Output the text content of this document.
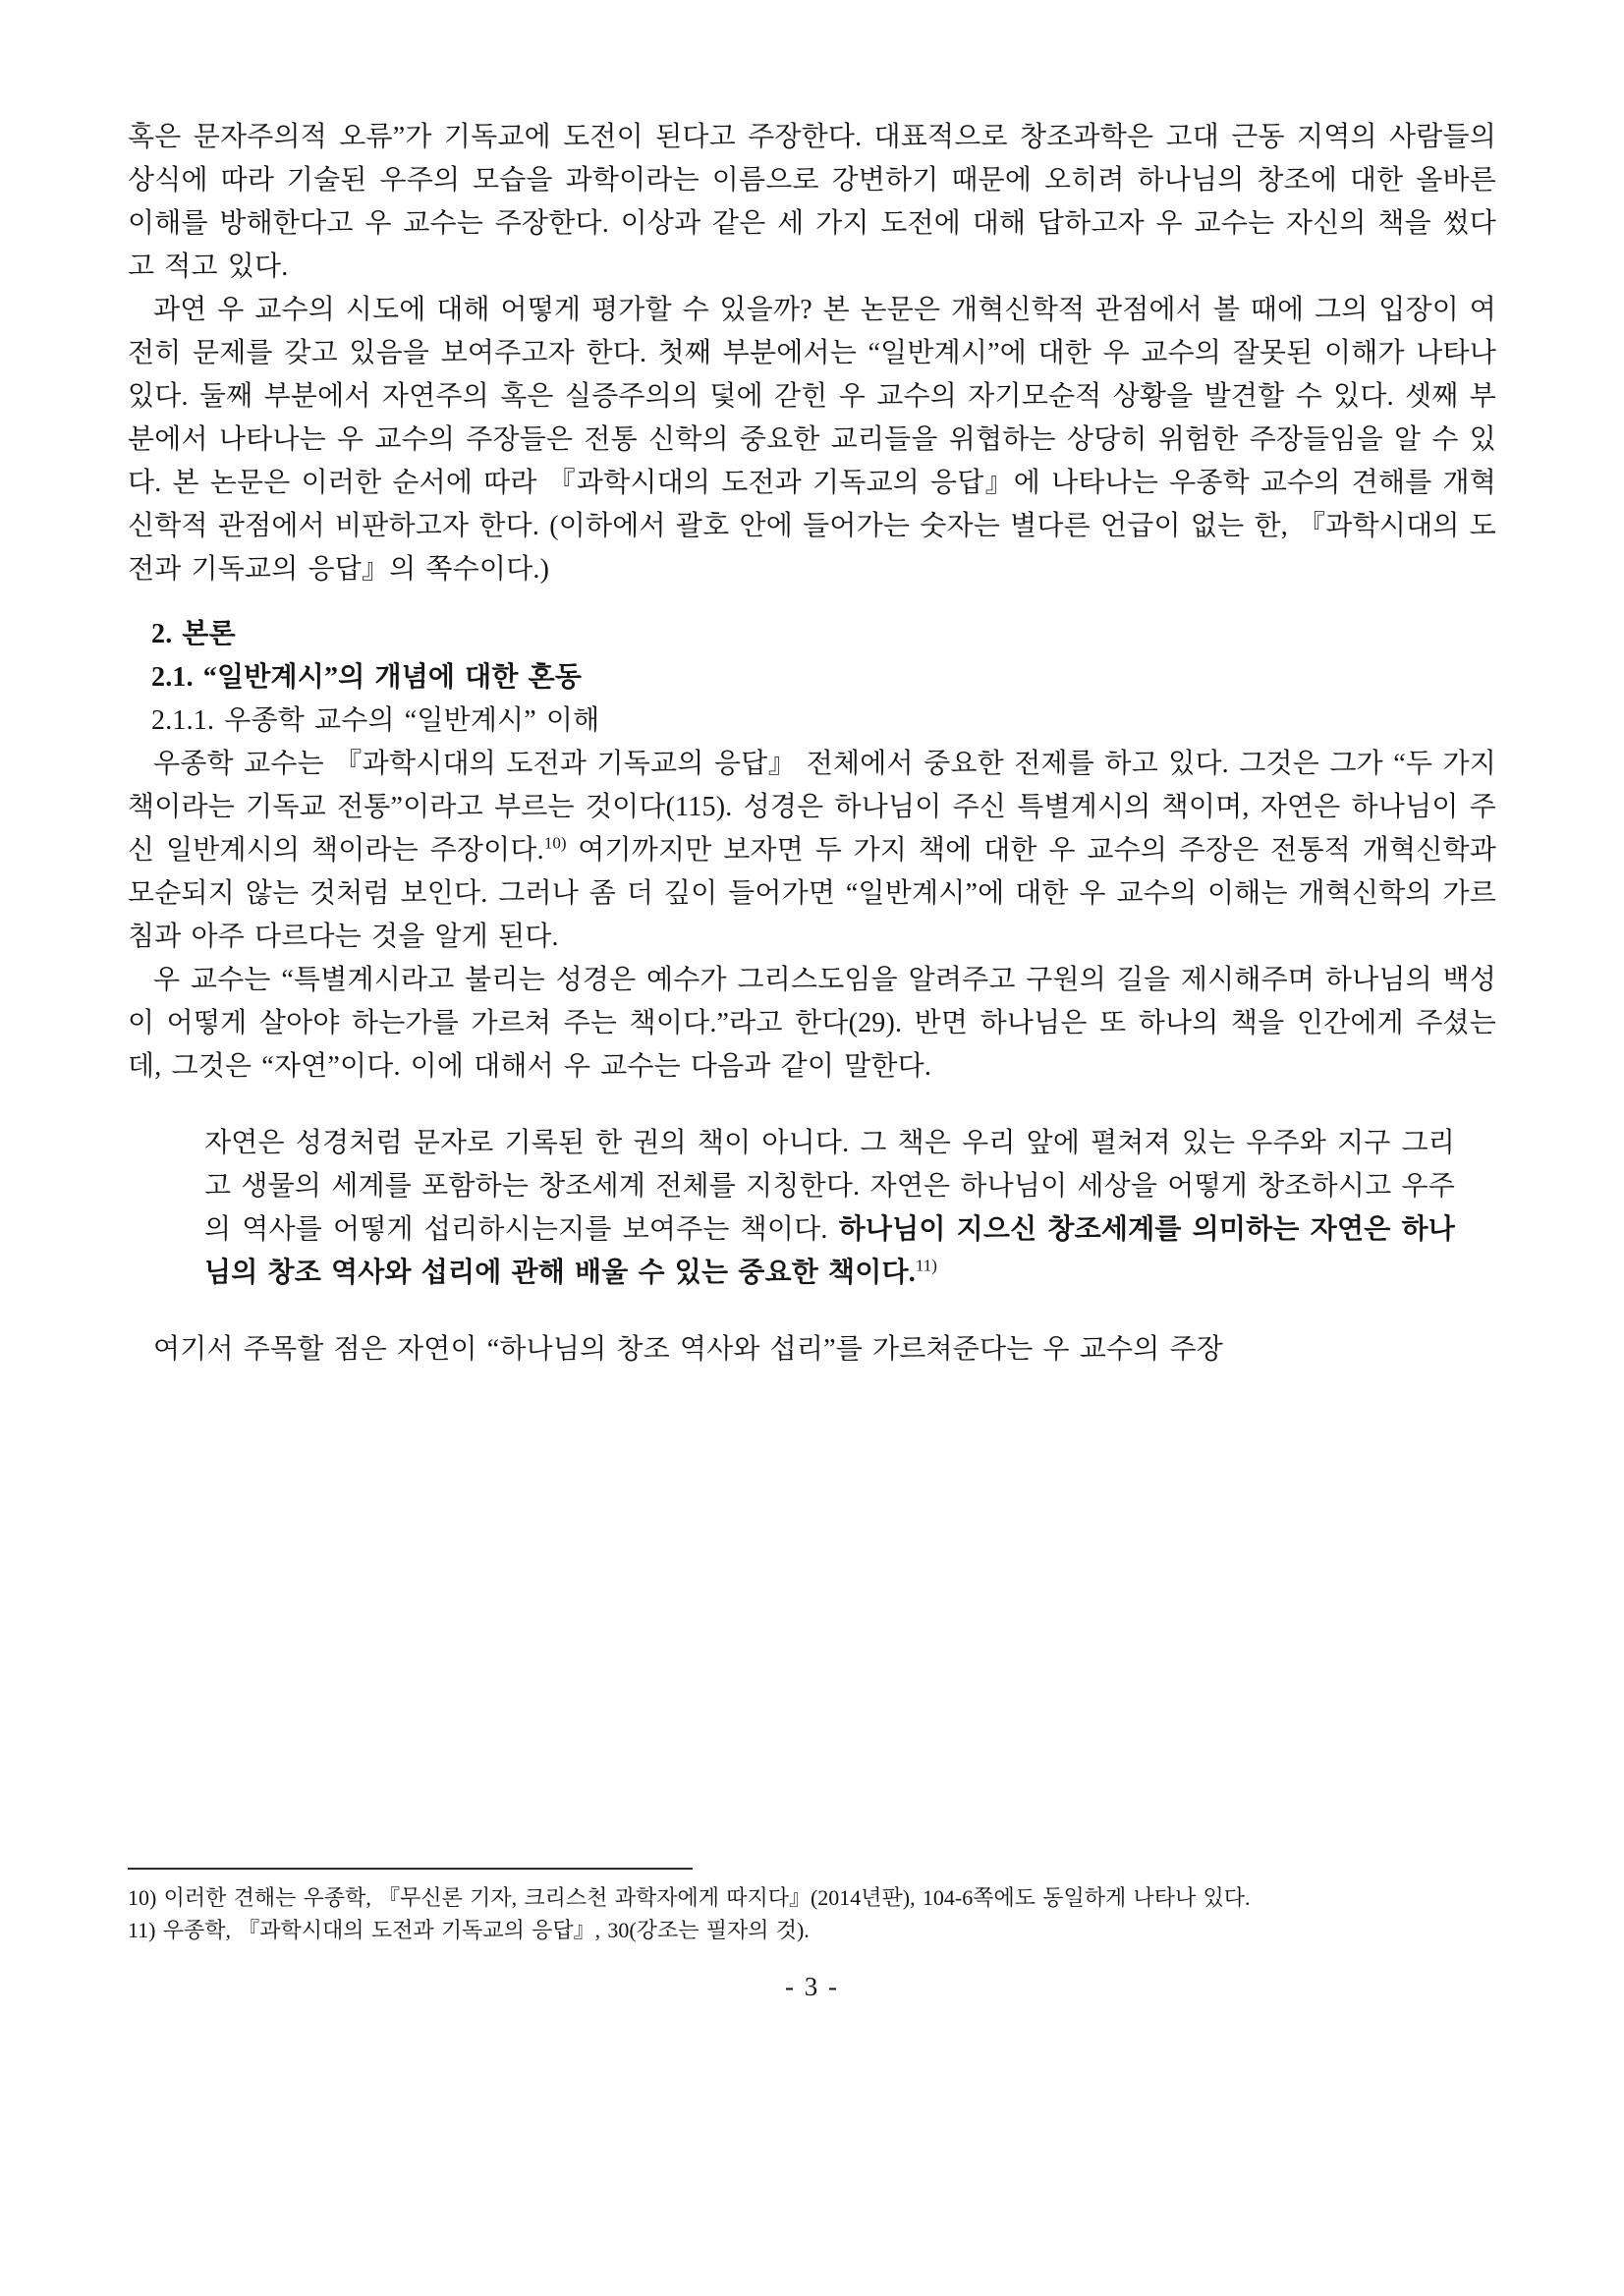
혹은 문자주의적 오류”가 기독교에 도전이 된다고 주장한다. 대표적으로 창조과학은 고대 근동 지역의 사람들의 상식에 따라 기술된 우주의 모습을 과학이라는 이름으로 강변하기 때문에 오히려 하나님의 창조에 대한 올바른 이해를 방해한다고 우 교수는 주장한다. 이상과 같은 세 가지 도전에 대해 답하고자 우 교수는 자신의 책을 썼다고 적고 있다.

과연 우 교수의 시도에 대해 어떻게 평가할 수 있을까? 본 논문은 개혁신학적 관점에서 볼 때에 그의 입장이 여전히 문제를 갖고 있음을 보여주고자 한다. 첫째 부분에서는 “일반계시”에 대한 우 교수의 잘못된 이해가 나타나 있다. 둘째 부분에서 자연주의 혹은 실증주의의 덫에 갇힌 우 교수의 자기모순적 상황을 발견할 수 있다. 셋째 부분에서 나타나는 우 교수의 주장들은 전통 신학의 중요한 교리들을 위협하는 상당히 위험한 주장들임을 알 수 있다. 본 논문은 이러한 순서에 따라 『과학시대의 도전과 기독교의 응답』에 나타나는 우종학 교수의 견해를 개혁신학적 관점에서 비판하고자 한다. (이하에서 괄호 안에 들어가는 숫자는 별다른 언급이 없는 한, 『과학시대의 도전과 기독교의 응답』의 쪽수이다.)

2. 본론

2.1. “일반계시”의 개념에 대한 혼동

2.1.1. 우종학 교수의 “일반계시” 이해

우종학 교수는 『과학시대의 도전과 기독교의 응답』 전체에서 중요한 전제를 하고 있다. 그것은 그가 “두 가지 책이라는 기독교 전통”이라고 부르는 것이다(115). 성경은 하나님이 주신 특별계시의 책이며, 자연은 하나님이 주신 일반계시의 책이라는 주장이다.$^{10)}$ 여기까지만 보자면 두 가지 책에 대한 우 교수의 주장은 전통적 개혁신학과 모순되지 않는 것처럼 보인다. 그러나 좀 더 깊이 들어가면 “일반계시”에 대한 우 교수의 이해는 개혁신학의 가르침과 아주 다르다는 것을 알게 된다.

우 교수는 “특별계시라고 불리는 성경은 예수가 그리스도임을 알려주고 구원의 길을 제시해주며 하나님의 백성이 어떻게 살아야 하는가를 가르쳐 주는 책이다.”라고 한다(29). 반면 하나님은 또 하나의 책을 인간에게 주셨는데, 그것은 “자연”이다. 이에 대해서 우 교수는 다음과 같이 말한다.

자연은 성경처럼 문자로 기록된 한 권의 책이 아니다. 그 책은 우리 앞에 펼쳐져 있는 우주와 지구 그리고 생물의 세계를 포함하는 창조세계 전체를 지칭한다. 자연은 하나님이 세상을 어떻게 창조하시고 우주의 역사를 어떻게 섭리하시는지를 보여주는 책이다. 하나님이 지으신 창조세계를 의미하는 자연은 하나님의 창조 역사와 섭리에 관해 배울 수 있는 중요한 책이다.$^{11)}$

여기서 주목할 점은 자연이 “하나님의 창조 역사와 섭리”를 가르쳐준다는 우 교수의 주장

10) 이러한 견해는 우종학, 『무신론 기자, 크리스천 과학자에게 따지다』(2014년판), 104-6쪽에도 동일하게 나타나 있다.

11) 우종학, 『과학시대의 도전과 기독교의 응답』, 30(강조는 필자의 것).

- 3 -
